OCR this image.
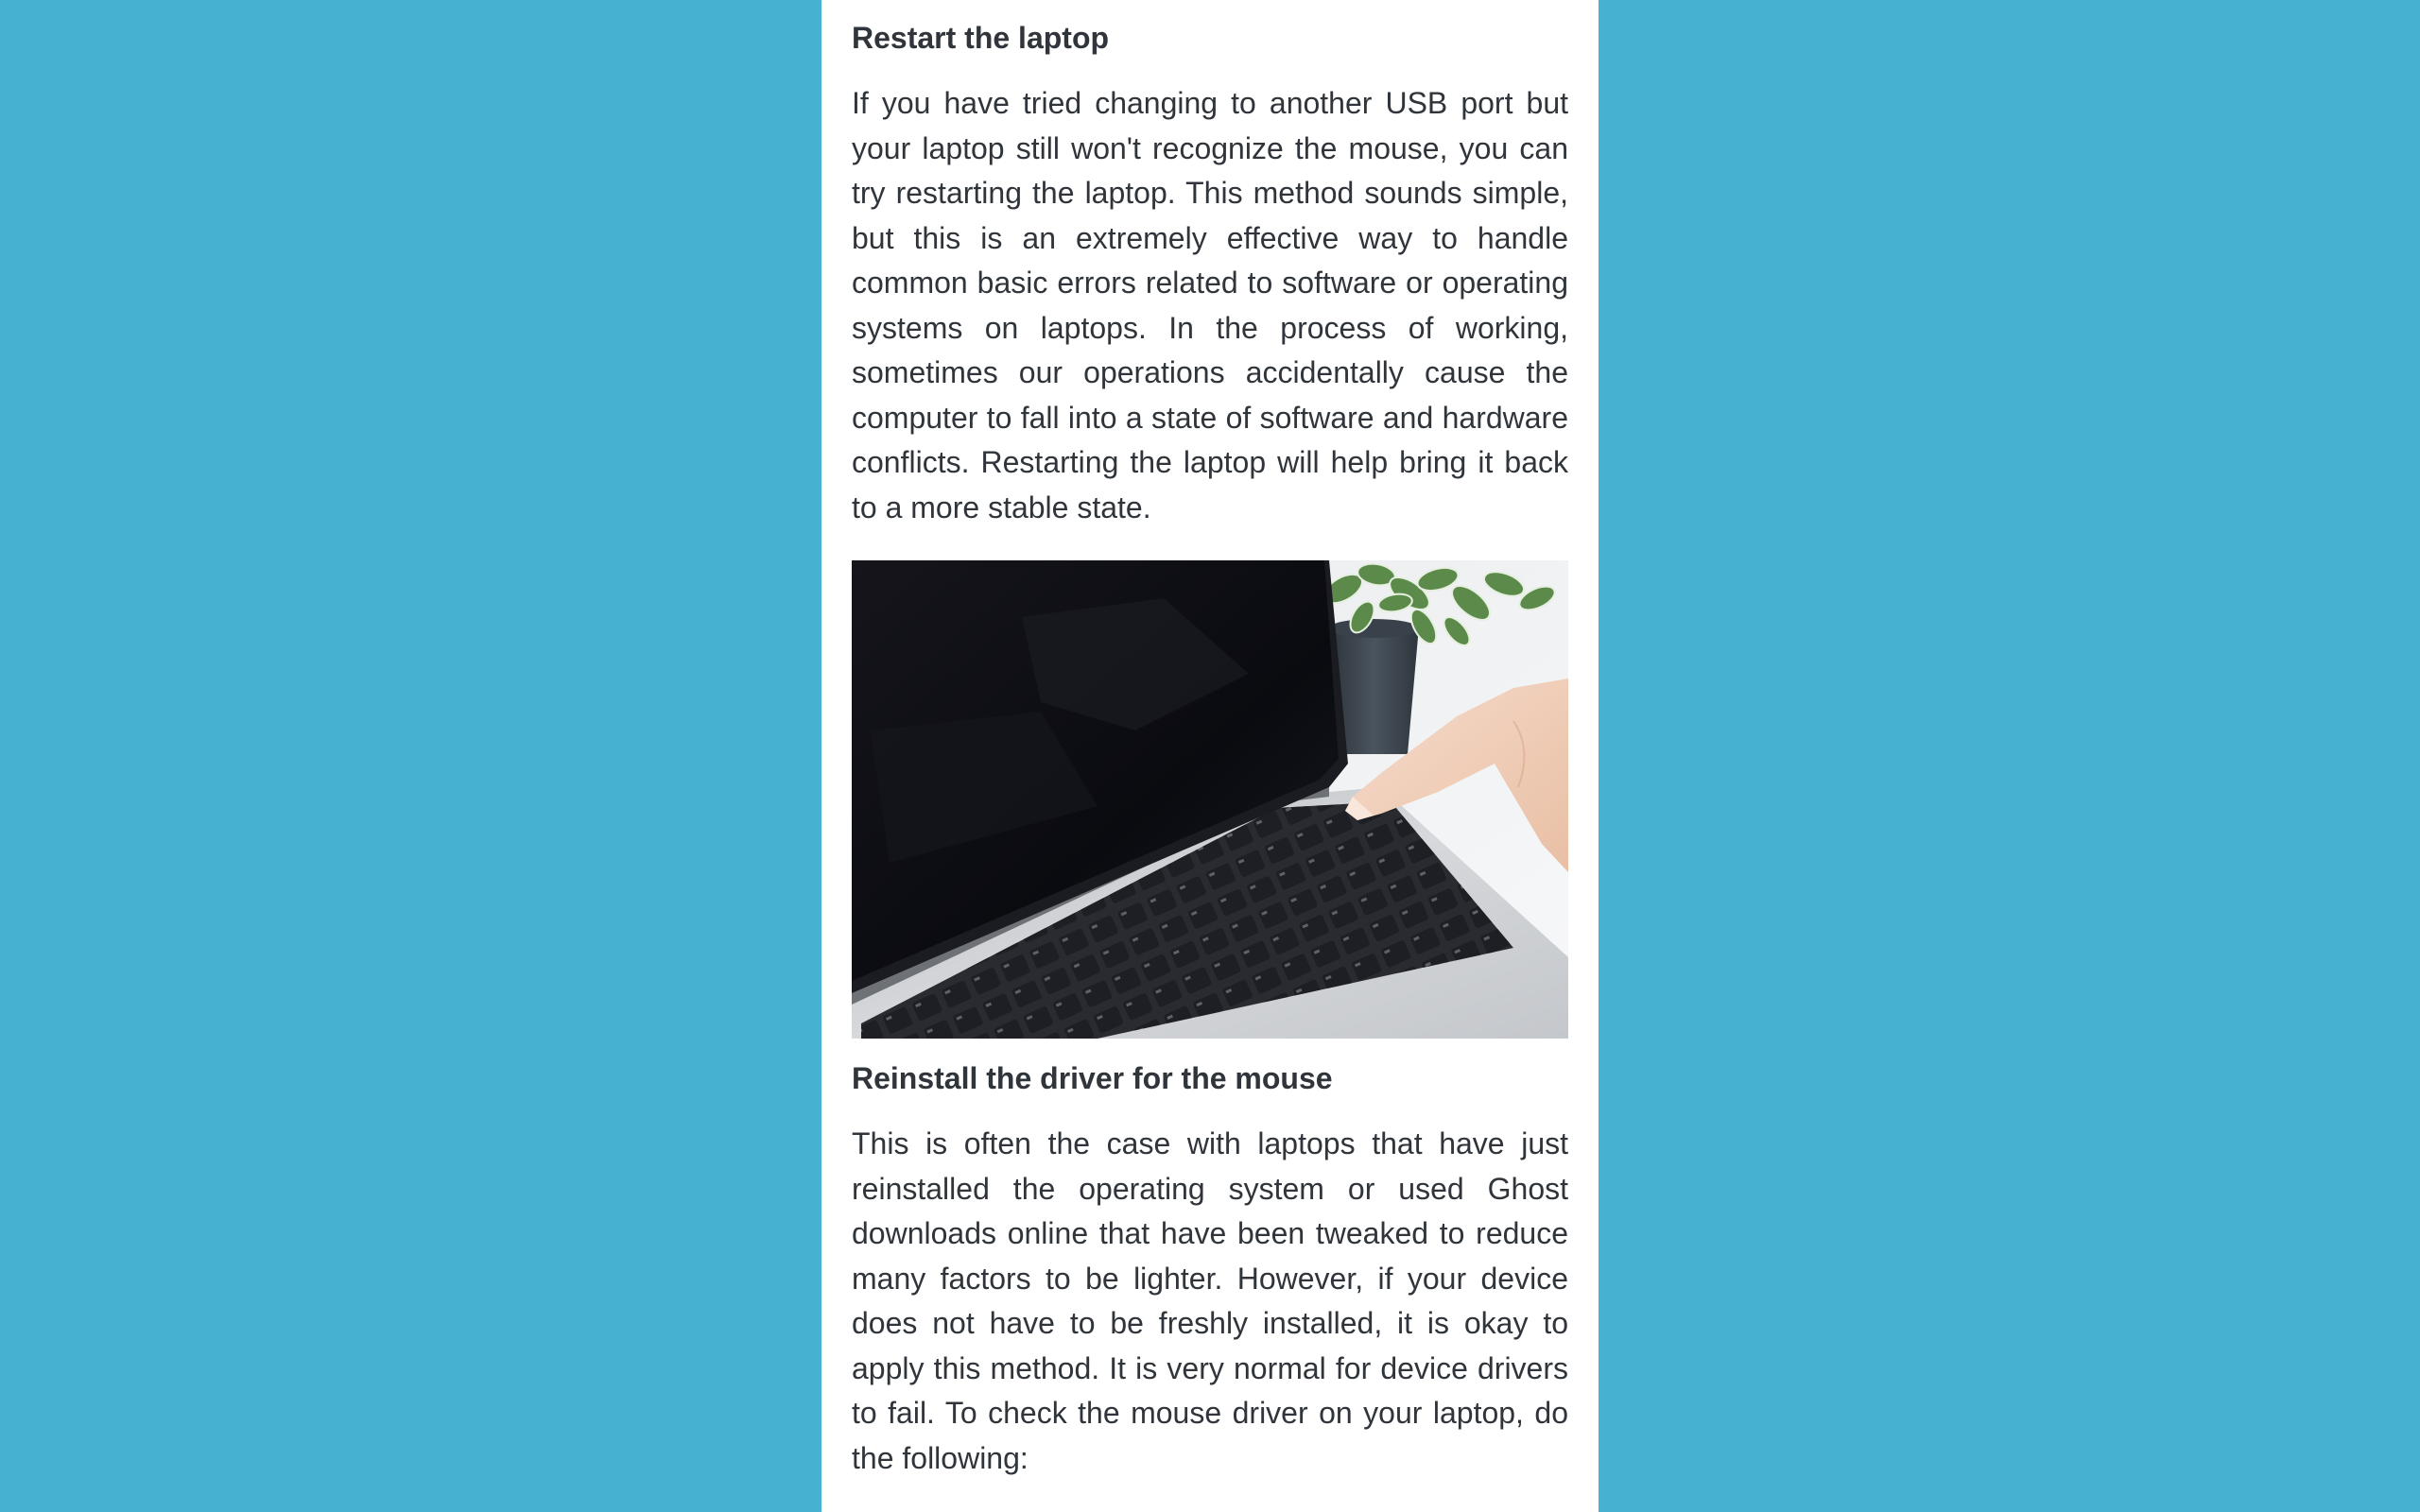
Restart the laptop

If you have tried changing to another USB port but your laptop still won't recognize the mouse, you can try restarting the laptop. This method sounds simple, but this is an extremely effective way to handle common basic errors related to software or operating systems on laptops. In the process of working, sometimes our operations accidentally cause the computer to fall into a state of software and hardware conflicts. Restarting the laptop will help bring it back to a more stable state.

Reinstall the driver for the mouse

This is often the case with laptops that have just reinstalled the operating system or used Ghost downloads online that have been tweaked to reduce many factors to be lighter. However, if your device does not have to be freshly installed, it is okay to apply this method. It is very normal for device drivers to fail. To check the mouse driver on your laptop, do the following:
